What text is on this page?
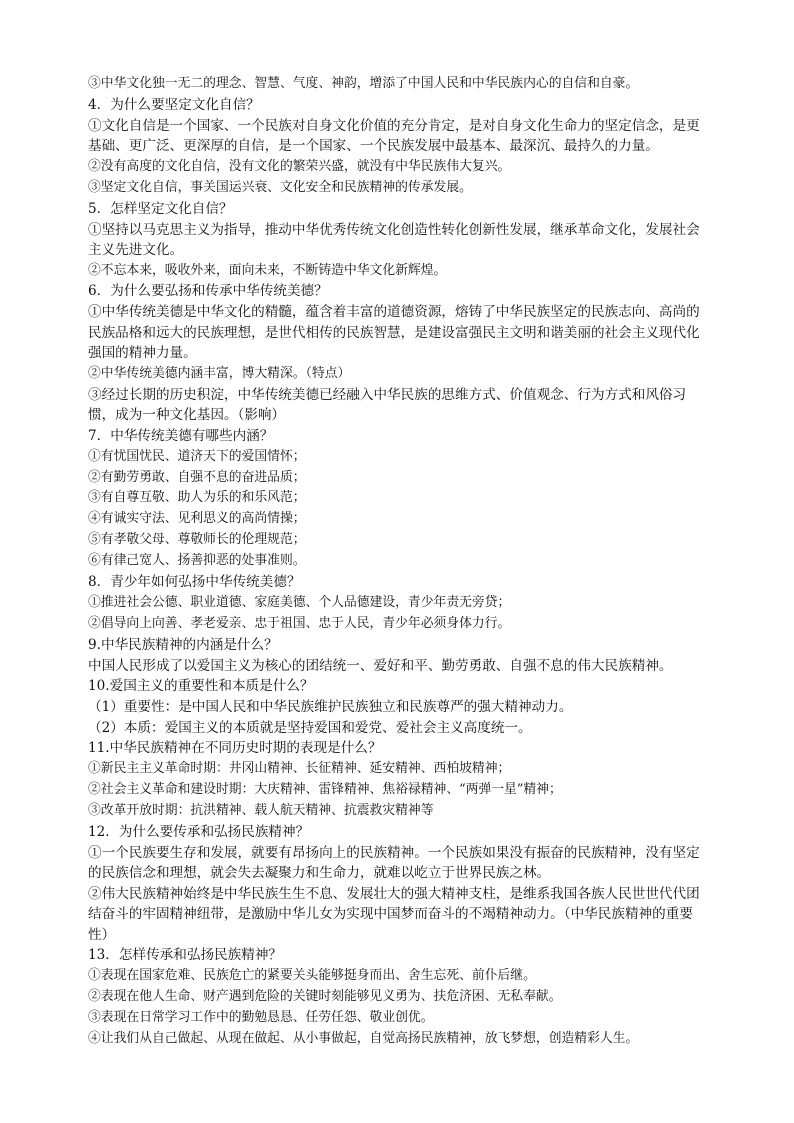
③中华文化独一无二的理念、智慧、气度、神韵，增添了中国人民和中华民族内心的自信和自豪。

4．为什么要坚定文化自信？

①文化自信是一个国家、一个民族对自身文化价值的充分肯定，是对自身文化生命力的坚定信念，是更基础、更广泛、更深厚的自信，是一个国家、一个民族发展中最基本、最深沉、最持久的力量。

②没有高度的文化自信，没有文化的繁荣兴盛，就没有中华民族伟大复兴。

③坚定文化自信，事关国运兴衰、文化安全和民族精神的传承发展。

5．怎样坚定文化自信？

①坚持以马克思主义为指导，推动中华优秀传统文化创造性转化创新性发展，继承革命文化，发展社会主义先进文化。

②不忘本来，吸收外来，面向未来，不断铸造中华文化新辉煌。

6．为什么要弘扬和传承中华传统美德？

①中华传统美德是中华文化的精髓，蕴含着丰富的道德资源，熔铸了中华民族坚定的民族志向、高尚的民族品格和远大的民族理想，是世代相传的民族智慧，是建设富强民主文明和谐美丽的社会主义现代化强国的精神力量。

②中华传统美德内涵丰富，博大精深。（特点）

③经过长期的历史积淀，中华传统美德已经融入中华民族的思维方式、价值观念、行为方式和风俗习惯，成为一种文化基因。（影响）

7．中华传统美德有哪些内涵？

①有忧国忧民、道济天下的爱国情怀；

②有勤劳勇敢、自强不息的奋进品质；

③有自尊互敬、助人为乐的和乐风范；

④有诚实守法、见利思义的高尚情操；

⑤有孝敬父母、尊敬师长的伦理规范；

⑥有律己宽人、扬善抑恶的处事准则。

8．青少年如何弘扬中华传统美德？

①推进社会公德、职业道德、家庭美德、个人品德建设，青少年责无旁贷；

②倡导向上向善、孝老爱亲、忠于祖国、忠于人民，青少年必须身体力行。

9.中华民族精神的内涵是什么？

中国人民形成了以爱国主义为核心的团结统一、爱好和平、勤劳勇敢、自强不息的伟大民族精神。

10.爱国主义的重要性和本质是什么？

（1）重要性：是中国人民和中华民族维护民族独立和民族尊严的强大精神动力。

（2）本质：爱国主义的本质就是坚持爱国和爱党、爱社会主义高度统一。

11.中华民族精神在不同历史时期的表现是什么？

①新民主主义革命时期：井冈山精神、长征精神、延安精神、西柏坡精神；

②社会主义革命和建设时期：大庆精神、雷锋精神、焦裕禄精神、“两弹一星”精神；

③改革开放时期：抗洪精神、载人航天精神、抗震救灾精神等

12．为什么要传承和弘扬民族精神？

①一个民族要生存和发展，就要有昂扬向上的民族精神。一个民族如果没有振奋的民族精神，没有坚定的民族信念和理想，就会失去凝聚力和生命力，就难以屹立于世界民族之林。

②伟大民族精神始终是中华民族生生不息、发展壮大的强大精神支柱，是维系我国各族人民世世代代团结奋斗的牢固精神纽带，是激励中华儿女为实现中国梦而奋斗的不竭精神动力。（中华民族精神的重要性）

13．怎样传承和弘扬民族精神？

①表现在国家危难、民族危亡的紧要关头能够挺身而出、舍生忘死、前仆后继。

②表现在他人生命、财产遇到危险的关键时刻能够见义勇为、扶危济困、无私奉献。

③表现在日常学习工作中的勤勉恳恳、任劳任怨、敬业创优。

④让我们从自己做起、从现在做起、从小事做起，自觉高扬民族精神，放飞梦想，创造精彩人生。
